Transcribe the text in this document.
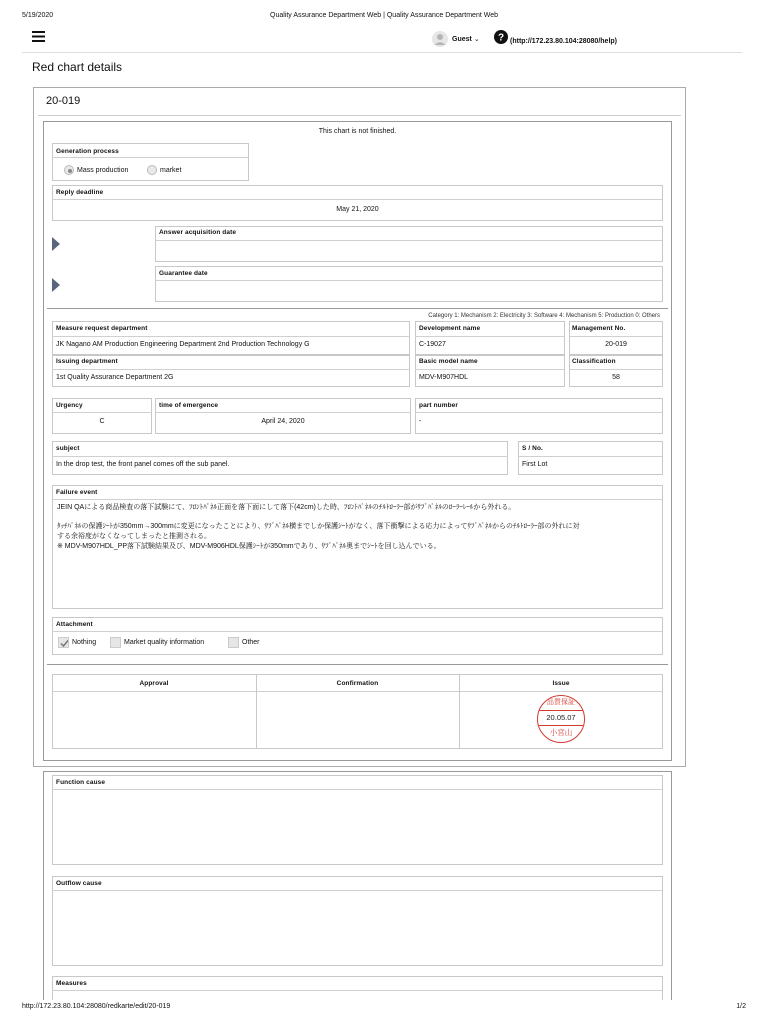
5/19/2020	Quality Assurance Department Web | Quality Assurance Department Web
Guest ⌄ ? (http://172.23.80.104:28080/help)
Red chart details
20-019
This chart is not finished.
Generation process
Mass production	market
Reply deadline
May 21, 2020
Answer acquisition date
Guarantee date
Category 1: Mechanism 2: Electricity 3: Software 4: Mechanism 5: Production 0: Others
Measure request department
JK Nagano AM Production Engineering Department 2nd Production Technology G
Development name
C-19027
Management No.
20-019
Issuing department
1st Quality Assurance Department 2G
Basic model name
MDV-M907HDL
Classification
58
Urgency
C
time of emergence
April 24, 2020
part number
-
subject
In the drop test, the front panel comes off the sub panel.
S / No.
First Lot
Failure event
JEIN QAによる商品検査の落下試験にて、ﾌﾛﾝﾄﾊﾟﾈﾙ正面を落下面にして落下(42cm)した時、ﾌﾛﾝﾄﾊﾟﾈﾙのﾁﾙﾄﾛｰﾗｰ部がｻﾌﾞﾊﾟﾈﾙのﾛｰﾗｰﾚｰﾙから外れる。
ﾀｯﾁﾊﾟﾈﾙの保護ｼｰﾄが350mm→300mmに変更になったことにより、ｻﾌﾞﾊﾟﾈﾙ横までしか保護ｼｰﾄがなく、落下衝撃による応力によってｻﾌﾞﾊﾟﾈﾙからのﾁﾙﾄﾛｰﾗｰ部の外れに対
する余裕度がなくなってしまったと推測される。
※ MDV-M907HDL_PP落下試験結果及び、MDV-M906HDL保護ｼｰﾄが350mmであり、ｻﾌﾞﾊﾟﾈﾙ奥までｼｰﾄを回し込んでいる。
Attachment
Nothing	Market quality information	Other
Approval	Confirmation	Issue
品質保証
20.05.07
小宮山
Function cause
Outflow cause
Measures
http://172.23.80.104:28080/redkarte/edit/20-019	1/2
